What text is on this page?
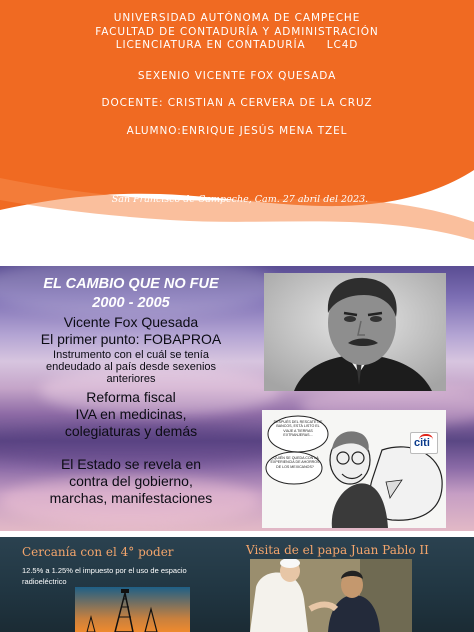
UNIVERSIDAD AUTÓNOMA DE CAMPECHE
FACULTAD DE CONTADURÍA Y ADMINISTRACIÓN
LICENCIATURA EN CONTADURÍA     LC4D
SEXENIO VICENTE FOX QUESADA
DOCENTE: CRISTIAN A CERVERA DE LA CRUZ
ALUMNO:ENRIQUE JESÚS MENA TZEL
San Francisco de Campeche, Cam. 27 abril del 2023.
EL CAMBIO QUE NO FUE
2000 - 2005
Vicente Fox Quesada
El primer punto: FOBAPROA
Instrumento con el cuál se tenía
endeudado al país desde sexenios
anteriores
Reforma fiscal
IVA en medicinas,
colegiaturas y demás
El Estado se revela en
contra del gobierno,
marchas, manifestaciones
DESPUÉS DEL RESCATE DE BANCOS, ESTÁ LISTO EL VIAJE A TIERRAS EXTRANJERAS...
¿QUIÉN SE QUEDA CON LA EXPERIENCIA DE AHORROS DE LOS MEXICANOS?
citi
Cercanía con el 4° poder
12.5% a 1.25% el impuesto por el uso de espacio radioeléctrico
Visita de el papa Juan Pablo II
